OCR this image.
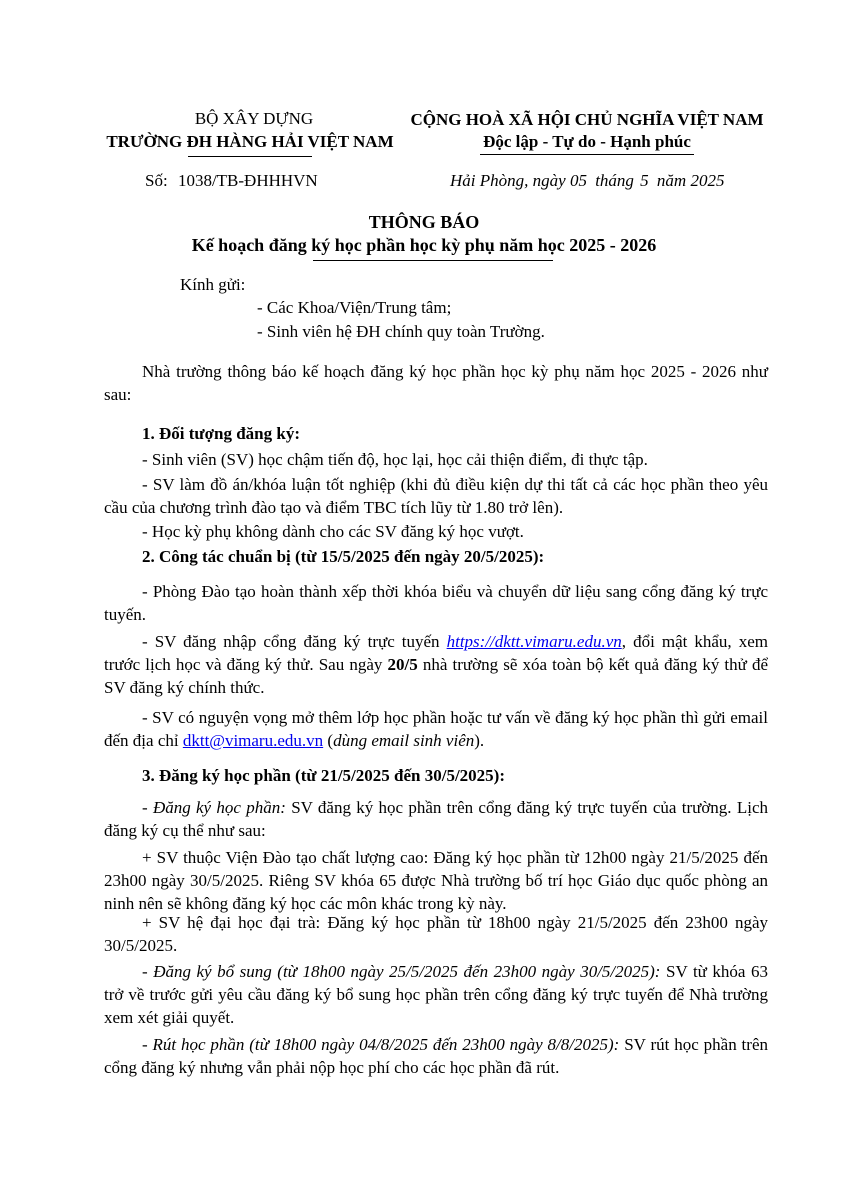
BỘ XÂY DỰNG
TRƯỜNG ĐH HÀNG HẢI VIỆT NAM
CỘNG HOÀ XÃ HỘI CHỦ NGHĨA VIỆT NAM
Độc lập - Tự do - Hạnh phúc
Số: 1038/TB-ĐHHHVN	Hải Phòng, ngày 05 tháng 5 năm 2025
THÔNG BÁO
Kế hoạch đăng ký học phần học kỳ phụ năm học 2025 - 2026
Kính gửi:
- Các Khoa/Viện/Trung tâm;
- Sinh viên hệ ĐH chính quy toàn Trường.
Nhà trường thông báo kế hoạch đăng ký học phần học kỳ phụ năm học 2025 - 2026 như sau:
1. Đối tượng đăng ký:
- Sinh viên (SV) học chậm tiến độ, học lại, học cải thiện điểm, đi thực tập.
- SV làm đồ án/khóa luận tốt nghiệp (khi đủ điều kiện dự thi tất cả các học phần theo yêu cầu của chương trình đào tạo và điểm TBC tích lũy từ 1.80 trở lên).
- Học kỳ phụ không dành cho các SV đăng ký học vượt.
2. Công tác chuẩn bị (từ 15/5/2025 đến ngày 20/5/2025):
- Phòng Đào tạo hoàn thành xếp thời khóa biểu và chuyển dữ liệu sang cổng đăng ký trực tuyến.
- SV đăng nhập cổng đăng ký trực tuyến https://dktt.vimaru.edu.vn, đổi mật khẩu, xem trước lịch học và đăng ký thử. Sau ngày 20/5 nhà trường sẽ xóa toàn bộ kết quả đăng ký thử để SV đăng ký chính thức.
- SV có nguyện vọng mở thêm lớp học phần hoặc tư vấn về đăng ký học phần thì gửi email đến địa chỉ dktt@vimaru.edu.vn (dùng email sinh viên).
3. Đăng ký học phần (từ 21/5/2025 đến 30/5/2025):
- Đăng ký học phần: SV đăng ký học phần trên cổng đăng ký trực tuyến của trường. Lịch đăng ký cụ thể như sau:
+ SV thuộc Viện Đào tạo chất lượng cao: Đăng ký học phần từ 12h00 ngày 21/5/2025 đến 23h00 ngày 30/5/2025. Riêng SV khóa 65 được Nhà trường bố trí học Giáo dục quốc phòng an ninh nên sẽ không đăng ký học các môn khác trong kỳ này.
+ SV hệ đại học đại trà: Đăng ký học phần từ 18h00 ngày 21/5/2025 đến 23h00 ngày 30/5/2025.
- Đăng ký bổ sung (từ 18h00 ngày 25/5/2025 đến 23h00 ngày 30/5/2025): SV từ khóa 63 trở về trước gửi yêu cầu đăng ký bổ sung học phần trên cổng đăng ký trực tuyến để Nhà trường xem xét giải quyết.
- Rút học phần (từ 18h00 ngày 04/8/2025 đến 23h00 ngày 8/8/2025): SV rút học phần trên cổng đăng ký nhưng vẫn phải nộp học phí cho các học phần đã rút.
